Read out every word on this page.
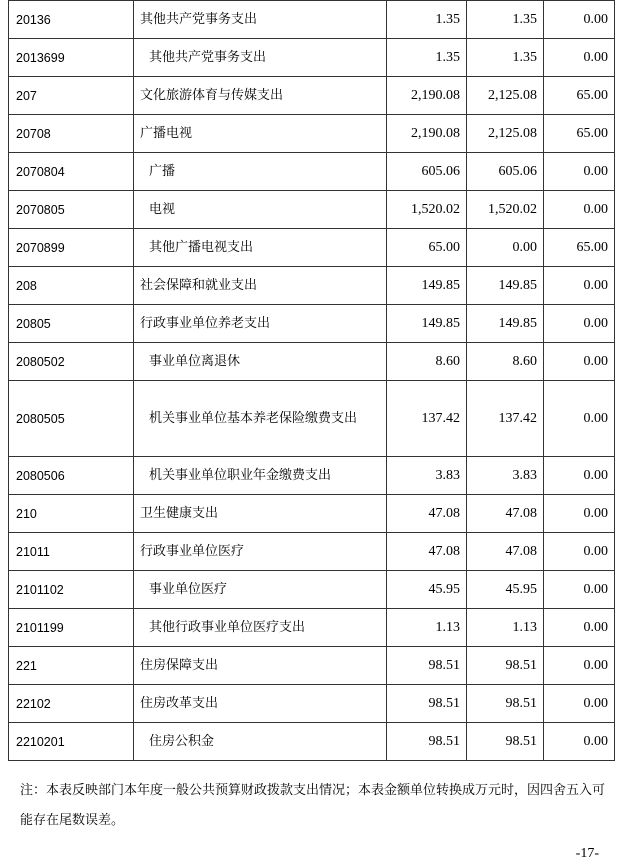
20136	其他共产党事务支出	1.35	1.35	0.00
2013699	其他共产党事务支出	1.35	1.35	0.00
207	文化旅游体育与传媒支出	2,190.08	2,125.08	65.00
20708	广播电视	2,190.08	2,125.08	65.00
2070804	广播	605.06	605.06	0.00
2070805	电视	1,520.02	1,520.02	0.00
2070899	其他广播电视支出	65.00	0.00	65.00
208	社会保障和就业支出	149.85	149.85	0.00
20805	行政事业单位养老支出	149.85	149.85	0.00
2080502	事业单位离退休	8.60	8.60	0.00
2080505	机关事业单位基本养老保险缴费支出	137.42	137.42	0.00
2080506	机关事业单位职业年金缴费支出	3.83	3.83	0.00
210	卫生健康支出	47.08	47.08	0.00
21011	行政事业单位医疗	47.08	47.08	0.00
2101102	事业单位医疗	45.95	45.95	0.00
2101199	其他行政事业单位医疗支出	1.13	1.13	0.00
221	住房保障支出	98.51	98.51	0.00
22102	住房改革支出	98.51	98.51	0.00
2210201	住房公积金	98.51	98.51	0.00
注：本表反映部门本年度一般公共预算财政拨款支出情况；本表金额单位转换成万元时，因四舍五入可能存在尾数误差。
-17-
